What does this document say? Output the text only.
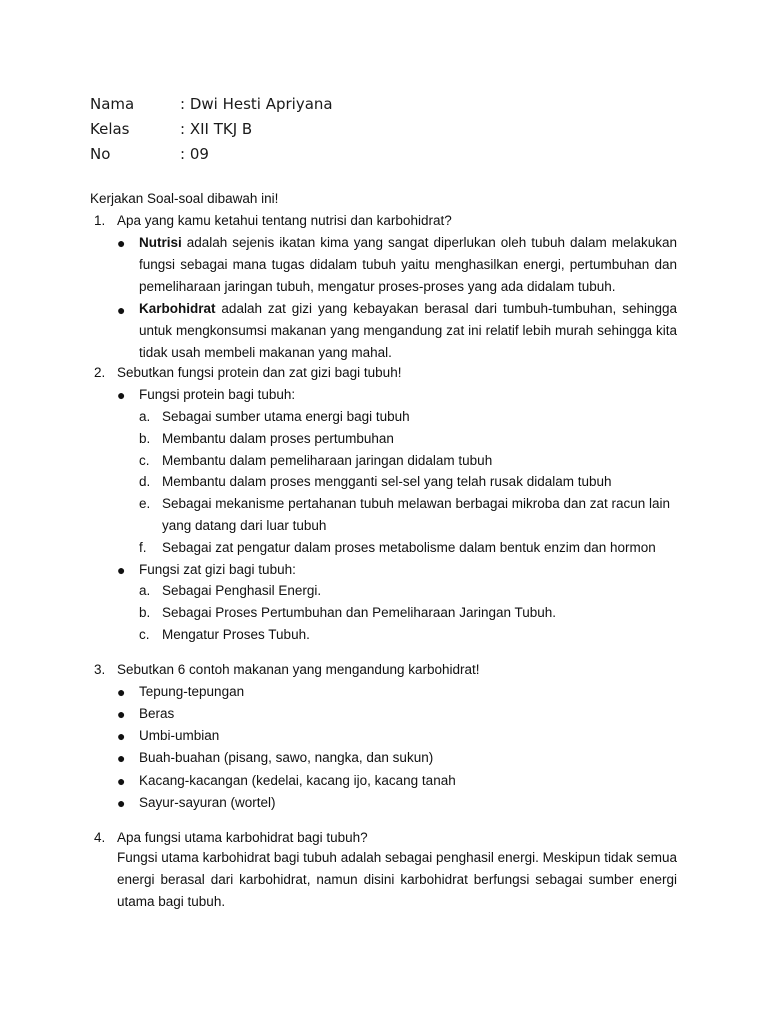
Nama	: Dwi Hesti Apriyana
Kelas	: XII TKJ B
No	: 09
Kerjakan Soal-soal dibawah ini!
1. Apa yang kamu ketahui tentang nutrisi dan karbohidrat?
● Nutrisi adalah sejenis ikatan kima yang sangat diperlukan oleh tubuh dalam melakukan fungsi sebagai mana tugas didalam tubuh yaitu menghasilkan energi, pertumbuhan dan pemeliharaan jaringan tubuh, mengatur proses-proses yang ada didalam tubuh.
● Karbohidrat adalah zat gizi yang kebayakan berasal dari tumbuh-tumbuhan, sehingga untuk mengkonsumsi makanan yang mengandung zat ini relatif lebih murah sehingga kita tidak usah membeli makanan yang mahal.
2. Sebutkan fungsi protein dan zat gizi bagi tubuh!
● Fungsi protein bagi tubuh:
a. Sebagai sumber utama energi bagi tubuh
b. Membantu dalam proses pertumbuhan
c. Membantu dalam pemeliharaan jaringan didalam tubuh
d. Membantu dalam proses mengganti sel-sel yang telah rusak didalam tubuh
e. Sebagai mekanisme pertahanan tubuh melawan berbagai mikroba dan zat racun lain
yang datang dari luar tubuh
f. Sebagai zat pengatur dalam proses metabolisme dalam bentuk enzim dan hormon
● Fungsi zat gizi bagi tubuh:
a. Sebagai Penghasil Energi.
b. Sebagai Proses Pertumbuhan dan Pemeliharaan Jaringan Tubuh.
c. Mengatur Proses Tubuh.
3. Sebutkan 6 contoh makanan yang mengandung karbohidrat!
● Tepung-tepungan
● Beras
● Umbi-umbian
● Buah-buahan (pisang, sawo, nangka, dan sukun)
● Kacang-kacangan (kedelai, kacang ijo, kacang tanah
● Sayur-sayuran (wortel)
4. Apa fungsi utama karbohidrat bagi tubuh?
Fungsi utama karbohidrat bagi tubuh adalah sebagai penghasil energi. Meskipun tidak semua energi berasal dari karbohidrat, namun disini karbohidrat berfungsi sebagai sumber energi utama bagi tubuh.
